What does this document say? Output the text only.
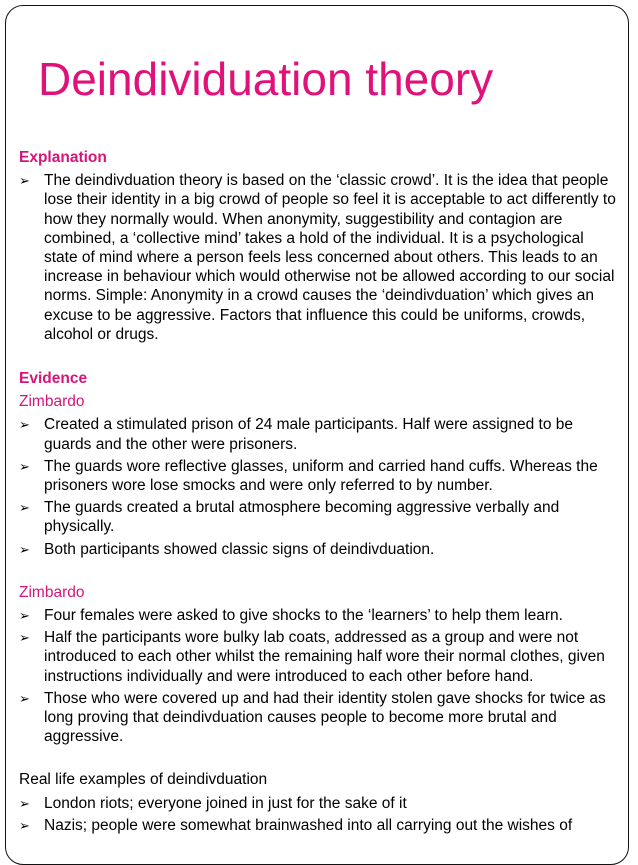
Deindividuation theory

Explanation

➢ The deindivduation theory is based on the ‘classic crowd’. It is the idea that people lose their identity in a big crowd of people so feel it is acceptable to act differently to how they normally would. When anonymity, suggestibility and contagion are combined, a ‘collective mind’ takes a hold of the individual. It is a psychological state of mind where a person feels less concerned about others. This leads to an increase in behaviour which would otherwise not be allowed according to our social norms. Simple: Anonymity in a crowd causes the ‘deindivduation’ which gives an excuse to be aggressive. Factors that influence this could be uniforms, crowds, alcohol or drugs.

Evidence

Zimbardo

➢ Created a stimulated prison of 24 male participants. Half were assigned to be guards and the other were prisoners.
➢ The guards wore reflective glasses, uniform and carried hand cuffs. Whereas the prisoners wore lose smocks and were only referred to by number.
➢ The guards created a brutal atmosphere becoming aggressive verbally and physically.
➢ Both participants showed classic signs of deindivduation.

Zimbardo

➢ Four females were asked to give shocks to the ‘learners’ to help them learn.
➢ Half the participants wore bulky lab coats, addressed as a group and were not introduced to each other whilst the remaining half wore their normal clothes, given instructions individually and were introduced to each other before hand.
➢ Those who were covered up and had their identity stolen gave shocks for twice as long proving that deindivduation causes people to become more brutal and aggressive.

Real life examples of deindivduation

➢ London riots; everyone joined in just for the sake of it
➢ Nazis; people were somewhat brainwashed into all carrying out the wishes of
